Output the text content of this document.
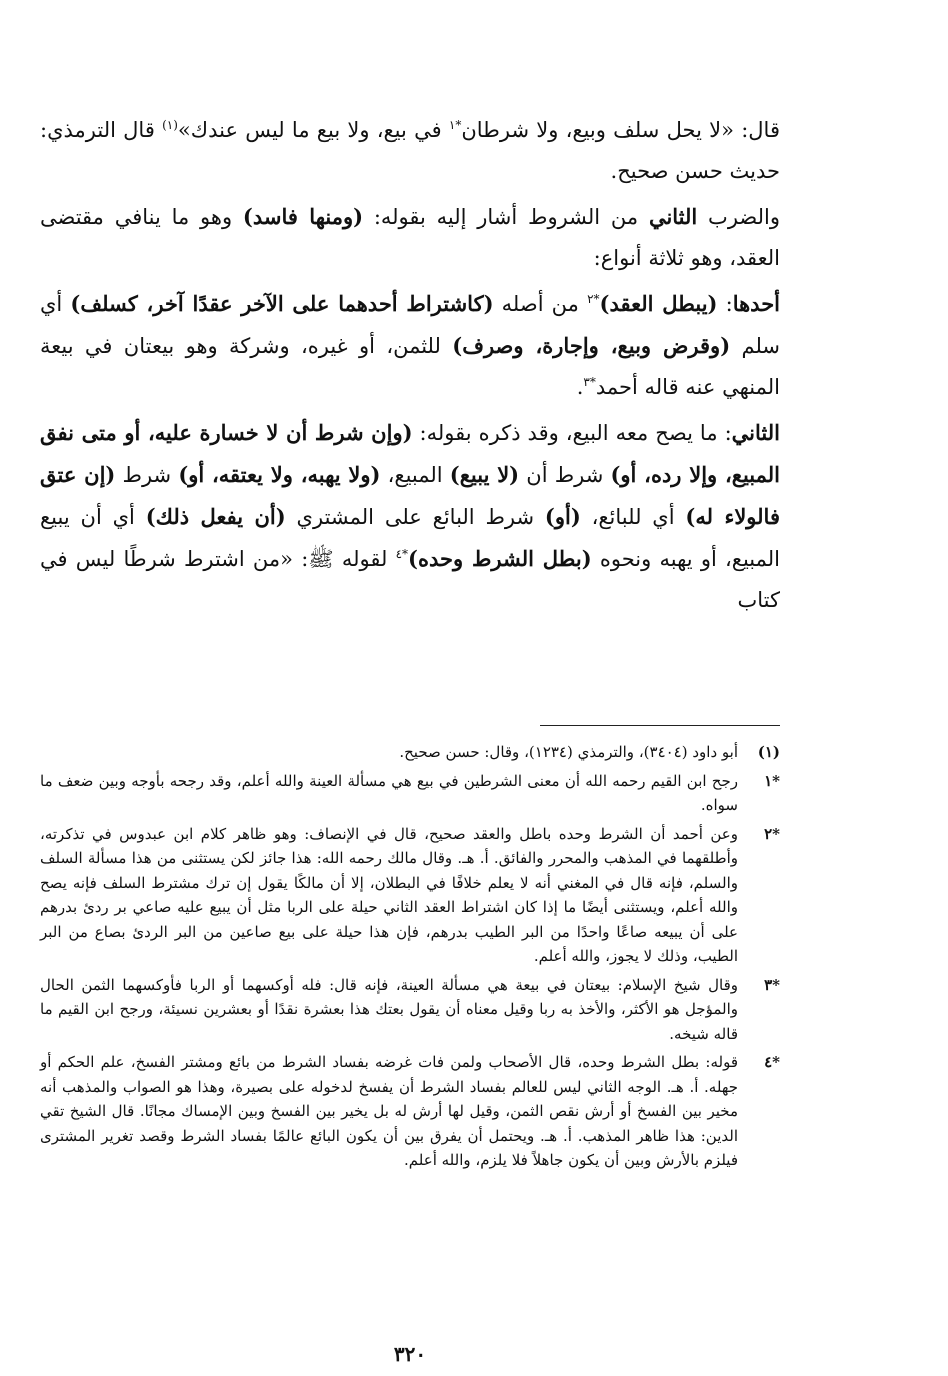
قال: «لا يحل سلف وبيع، ولا شرطان$^{*١}$ في بيع، ولا بيع ما ليس عندك»$^{(١)}$ قال الترمذي: حديث حسن صحيح.

والضرب الثاني من الشروط أشار إليه بقوله: (ومنها فاسد) وهو ما ينافي مقتضى العقد، وهو ثلاثة أنواع:

أحدها: (يبطل العقد)$^{*٢}$ من أصله (كاشتراط أحدهما على الآخر عقدًا آخر، كسلف) أي سلم (وقرض وبيع، وإجارة، وصرف) للثمن، أو غيره، وشركة وهو بيعتان في بيعة المنهي عنه قاله أحمد$^{*٣}$.

الثاني: ما يصح معه البيع، وقد ذكره بقوله: (وإن شرط أن لا خسارة عليه، أو متى نفق المبيع، وإلا رده، أو) شرط أن (لا يبيع) المبيع، (ولا يهبه، ولا يعتقه، أو) شرط (إن عتق فالولاء له) أي للبائع، (أو) شرط البائع على المشتري (أن يفعل ذلك) أي أن يبيع المبيع، أو يهبه ونحوه (بطل الشرط وحده)$^{*٤}$ لقوله ﷺ: «من اشترط شرطًا ليس في كتاب

(١)
أبو داود (٣٤٠٤)، والترمذي (١٢٣٤)، وقال: حسن صحيح.
*١
رجح ابن القيم رحمه الله أن معنى الشرطين في بيع هي مسألة العينة والله أعلم، وقد رجحه بأوجه وبين ضعف ما سواه.
*٢
وعن أحمد أن الشرط وحده باطل والعقد صحيح، قال في الإنصاف: وهو ظاهر كلام ابن عبدوس في تذكرته، وأطلقهما في المذهب والمحرر والفائق. أ. هـ. وقال مالك رحمه الله: هذا جائز لكن يستثنى من هذا مسألة السلف والسلم، فإنه قال في المغني أنه لا يعلم خلافًا في البطلان، إلا أن مالكًا يقول إن ترك مشترط السلف فإنه يصح والله أعلم، ويستثنى أيضًا ما إذا كان اشتراط العقد الثاني حيلة على الربا مثل أن يبيع عليه صاعي بر ردئ بدرهم على أن يبيعه صاعًا واحدًا من البر الطيب بدرهم، فإن هذا حيلة على بيع صاعين من البر الردئ بصاع من البر الطيب، وذلك لا يجوز، والله أعلم.
*٣
وقال شيخ الإسلام: بيعتان في بيعة هي مسألة العينة، فإنه قال: فله أوكسهما أو الربا فأوكسهما الثمن الحال والمؤجل هو الأكثر، والأخذ به ربا وقيل معناه أن يقول بعتك هذا بعشرة نقدًا أو بعشرين نسيئة، ورجح ابن القيم ما قاله شيخه.
*٤
قوله: بطل الشرط وحده، قال الأصحاب ولمن فات غرضه بفساد الشرط من بائع ومشتر الفسخ، علم الحكم أو جهله. أ. هـ. الوجه الثاني ليس للعالم بفساد الشرط أن يفسخ لدخوله على بصيرة، وهذا هو الصواب والمذهب أنه مخير بين الفسخ أو أرش نقص الثمن، وقيل لها أرش له بل يخير بين الفسخ وبين الإمساك مجانًا. قال الشيخ تقي الدين: هذا ظاهر المذهب. أ. هـ. ويحتمل أن يفرق بين أن يكون البائع عالمًا بفساد الشرط وقصد تغرير المشترى فيلزم بالأرش وبين أن يكون جاهلاً فلا يلزم، والله أعلم.
٣٢٠
